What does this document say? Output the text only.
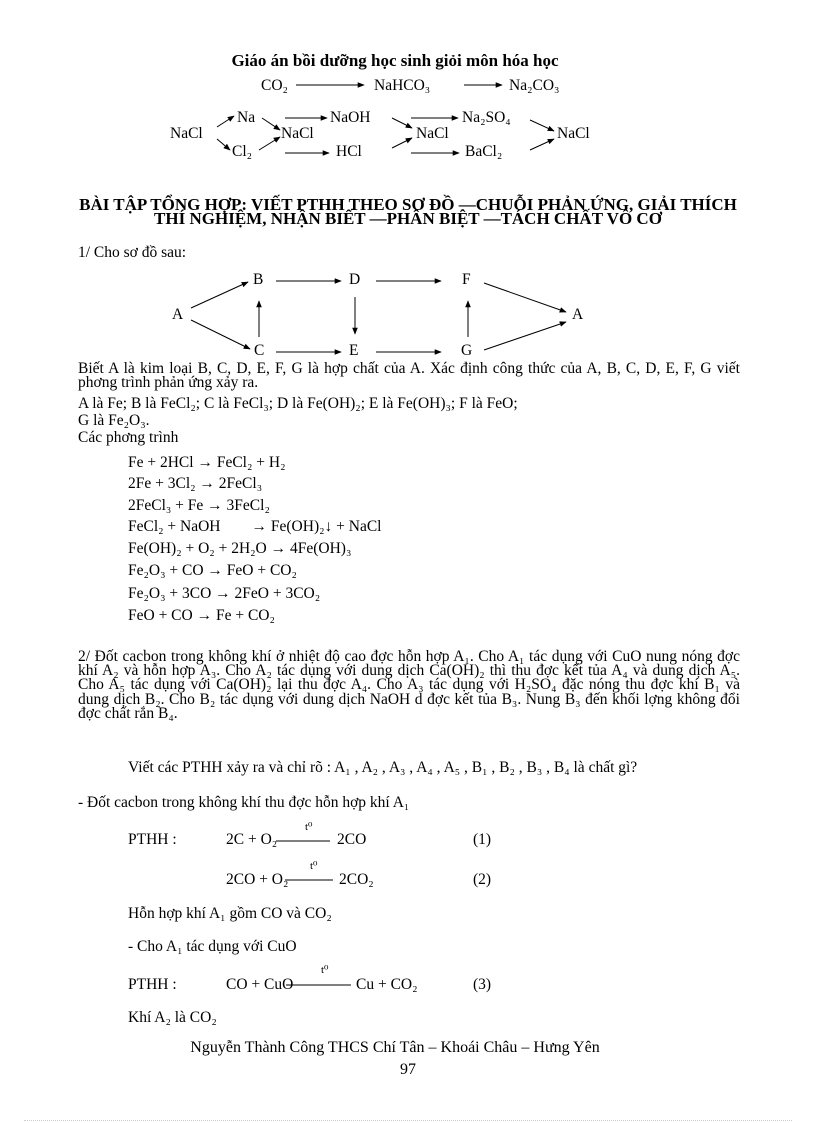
Giáo án bồi dưỡng học sinh giỏi môn hóa học
CO₂	NaHCO₃	Na₂CO₃
Na	NaOH	Na₂SO₄
NaCl	NaCl	NaCl	NaCl
Cl₂	HCl	BaCl₂
BÀI TẬP TỔNG HỢP: VIẾT PTHH THEO SƠ ĐỒ —CHUỖI PHẢN ỨNG, GIẢI THÍCH THÍ NGHIỆM, NHẬN BIẾT —PHÂN BIỆT —TÁCH CHẤT VÔ CƠ
1/ Cho sơ đồ sau:
A	A
B
C
D
E
F
G
Biết A là kim loại B, C, D, E, F, G là hợp chất của A. Xác định công thức của A, B, C, D, E, F, G viết phơng trình phản ứng xảy ra.
A là Fe; B là FeCl₂; C là FeCl₃; D là Fe(OH)₂; E là Fe(OH)₃; F là FeO;
G là Fe₂O₃.
Các phơng trình
Fe + 2HCl → FeCl₂ + H₂
2Fe + 3Cl₂ → 2FeCl₃
2FeCl₃ + Fe → 3FeCl₂
FeCl₂ + NaOH → Fe(OH)₂↓ + NaCl
Fe(OH)₂ + O₂ + 2H₂O → 4Fe(OH)₃
Fe₂O₃ + CO → FeO + CO₂
Fe₂O₃ + 3CO → 2FeO + 3CO₂
FeO + CO → Fe + CO₂
2/ Đốt cacbon trong không khí ở nhiệt độ cao đợc hỗn hợp A₁. Cho A₁ tác dụng với CuO nung nóng đợc khí A₂ và hỗn hợp A₃. Cho A₂ tác dụng với dung dịch Ca(OH)₂ thì thu đợc kết tủa A₄ và dung dịch A₅. Cho A₅ tác dụng với Ca(OH)₂ lại thu đợc A₄. Cho A₃ tác dụng với H₂SO₄ đặc nóng thu đợc khí B₁ và dung dịch B₂. Cho B₂ tác dụng với dung dịch NaOH d đợc kết tủa B₃. Nung B₃ đến khối lợng không đổi đợc chất rắn B₄.
Viết các PTHH xảy ra và chỉ rõ : A₁ , A₂ , A₃ , A₄ , A₅ , B₁ , B₂ , B₃ , B₄ là chất gì?
- Đốt cacbon trong không khí thu đợc hỗn hợp khí A₁
PTHH :	2C + O₂
t⁰
2CO	(1)
2CO + O₂
t⁰
2CO₂	(2)
Hỗn hợp khí A₁ gồm CO và CO₂
- Cho A₁ tác dụng với CuO
PTHH :	CO + CuO
t⁰
Cu + CO₂	(3)
Khí A₂ là CO₂
Nguyễn Thành Công THCS Chí Tân – Khoái Châu – Hưng Yên
97
